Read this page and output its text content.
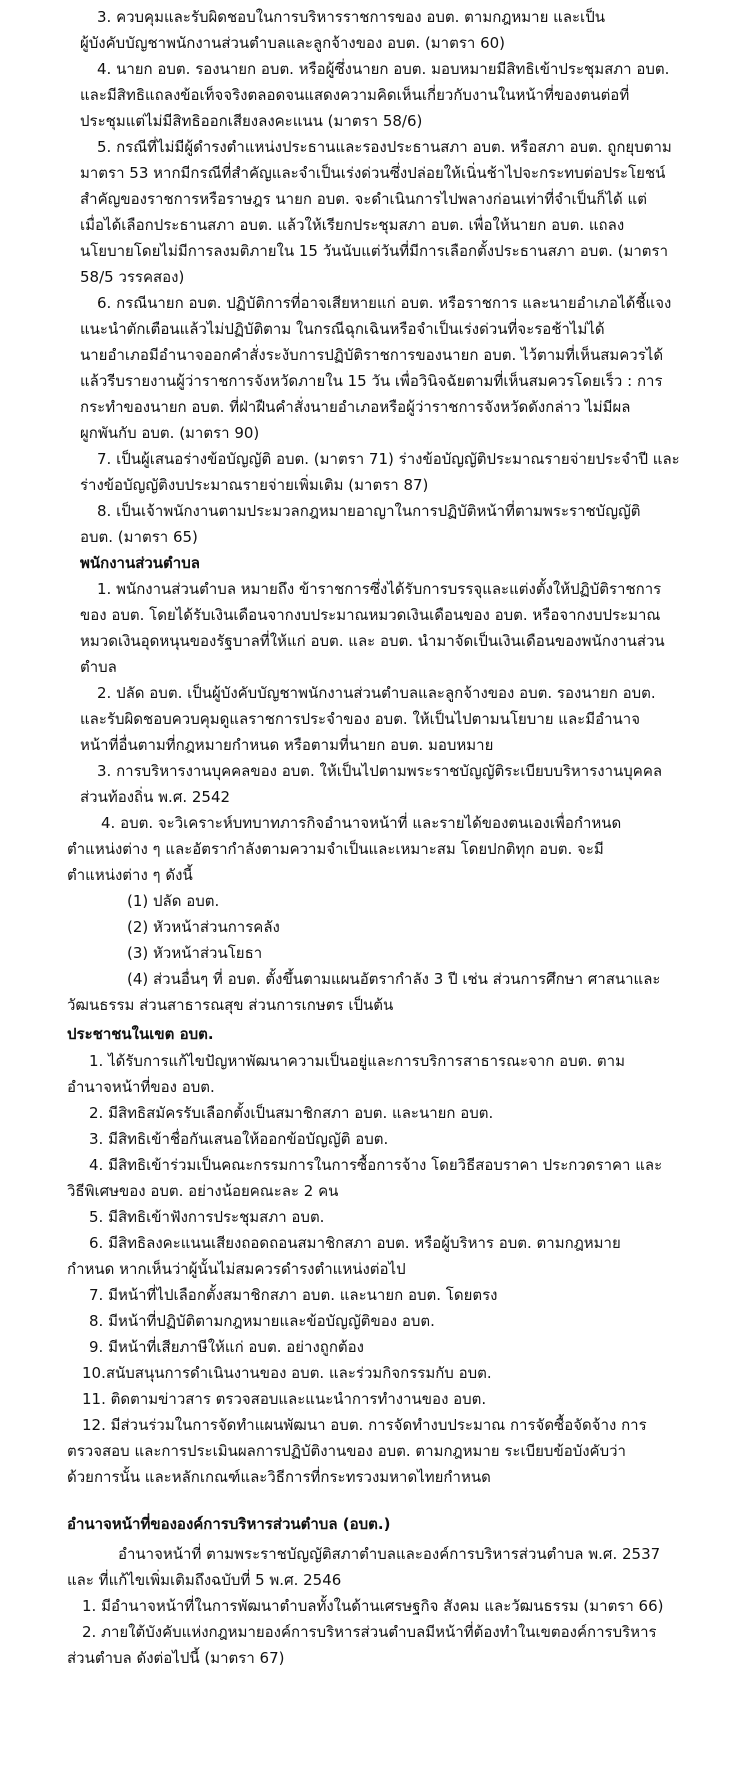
3. ควบคุมและรับผิดชอบในการบริหารราชการของ อบต. ตามกฎหมาย และเป็น
ผู้บังคับบัญชาพนักงานส่วนตำบลและลูกจ้างของ อบต. (มาตรา 60)
4. นายก อบต. รองนายก อบต. หรือผู้ซึ่งนายก อบต. มอบหมายมีสิทธิเข้าประชุมสภา อบต.
และมีสิทธิแถลงข้อเท็จจริงตลอดจนแสดงความคิดเห็นเกี่ยวกับงานในหน้าที่ของตนต่อที่
ประชุมแต่ไม่มีสิทธิออกเสียงลงคะแนน (มาตรา 58/6)
5. กรณีที่ไม่มีผู้ดำรงตำแหน่งประธานและรองประธานสภา อบต. หรือสภา อบต. ถูกยุบตาม
มาตรา 53 หากมีกรณีที่สำคัญและจำเป็นเร่งด่วนซึ่งปล่อยให้เนิ่นช้าไปจะกระทบต่อประโยชน์
สำคัญของราชการหรือราษฎร นายก อบต. จะดำเนินการไปพลางก่อนเท่าที่จำเป็นก็ได้ แต่
เมื่อได้เลือกประธานสภา อบต. แล้วให้เรียกประชุมสภา อบต. เพื่อให้นายก อบต. แถลง
นโยบายโดยไม่มีการลงมติภายใน 15 วันนับแต่วันที่มีการเลือกตั้งประธานสภา อบต. (มาตรา
58/5 วรรคสอง)
6. กรณีนายก อบต. ปฏิบัติการที่อาจเสียหายแก่ อบต. หรือราชการ และนายอำเภอได้ชี้แจง
แนะนำตักเตือนแล้วไม่ปฏิบัติตาม ในกรณีฉุกเฉินหรือจำเป็นเร่งด่วนที่จะรอช้าไม่ได้
นายอำเภอมีอำนาจออกคำสั่งระงับการปฏิบัติราชการของนายก อบต. ไว้ตามที่เห็นสมควรได้
แล้วรีบรายงานผู้ว่าราชการจังหวัดภายใน 15 วัน เพื่อวินิจฉัยตามที่เห็นสมควรโดยเร็ว : การ
กระทำของนายก อบต. ที่ฝ่าฝืนคำสั่งนายอำเภอหรือผู้ว่าราชการจังหวัดดังกล่าว ไม่มีผล
ผูกพันกับ อบต. (มาตรา 90)
7. เป็นผู้เสนอร่างข้อบัญญัติ อบต. (มาตรา 71) ร่างข้อบัญญัติประมาณรายจ่ายประจำปี และ
ร่างข้อบัญญัติงบประมาณรายจ่ายเพิ่มเติม (มาตรา 87)
8. เป็นเจ้าพนักงานตามประมวลกฎหมายอาญาในการปฏิบัติหน้าที่ตามพระราชบัญญัติ
อบต. (มาตรา 65)
พนักงานส่วนตำบล
1. พนักงานส่วนตำบล หมายถึง ข้าราชการซึ่งได้รับการบรรจุและแต่งตั้งให้ปฏิบัติราชการ
ของ อบต. โดยได้รับเงินเดือนจากงบประมาณหมวดเงินเดือนของ อบต. หรือจากงบประมาณ
หมวดเงินอุดหนุนของรัฐบาลที่ให้แก่ อบต. และ อบต. นำมาจัดเป็นเงินเดือนของพนักงานส่วน
ตำบล
2. ปลัด อบต. เป็นผู้บังคับบัญชาพนักงานส่วนตำบลและลูกจ้างของ อบต. รองนายก อบต.
และรับผิดชอบควบคุมดูแลราชการประจำของ อบต. ให้เป็นไปตามนโยบาย และมีอำนาจ
หน้าที่อื่นตามที่กฎหมายกำหนด หรือตามที่นายก อบต. มอบหมาย
3. การบริหารงานบุคคลของ อบต. ให้เป็นไปตามพระราชบัญญัติระเบียบบริหารงานบุคคล
ส่วนท้องถิ่น พ.ศ. 2542
4. อบต. จะวิเคราะห์บทบาทภารกิจอำนาจหน้าที่ และรายได้ของตนเองเพื่อกำหนด
ตำแหน่งต่าง ๆ และอัตรากำลังตามความจำเป็นและเหมาะสม โดยปกติทุก อบต. จะมี
ตำแหน่งต่าง ๆ ดังนี้
(1) ปลัด อบต.
(2) หัวหน้าส่วนการคลัง
(3) หัวหน้าส่วนโยธา
(4) ส่วนอื่นๆ ที่ อบต. ตั้งขึ้นตามแผนอัตรากำลัง 3 ปี เช่น ส่วนการศึกษา ศาสนาและ
วัฒนธรรม ส่วนสาธารณสุข ส่วนการเกษตร เป็นต้น
ประชาชนในเขต อบต.
1. ได้รับการแก้ไขปัญหาพัฒนาความเป็นอยู่และการบริการสาธารณะจาก อบต. ตาม
อำนาจหน้าที่ของ อบต.
2. มีสิทธิสมัครรับเลือกตั้งเป็นสมาชิกสภา อบต. และนายก อบต.
3. มีสิทธิเข้าชื่อกันเสนอให้ออกข้อบัญญัติ อบต.
4. มีสิทธิเข้าร่วมเป็นคณะกรรมการในการซื้อการจ้าง โดยวิธีสอบราคา ประกวดราคา และ
วิธีพิเศษของ อบต. อย่างน้อยคณะละ 2 คน
5. มีสิทธิเข้าฟังการประชุมสภา อบต.
6. มีสิทธิลงคะแนนเสียงถอดถอนสมาชิกสภา อบต. หรือผู้บริหาร อบต. ตามกฎหมาย
กำหนด หากเห็นว่าผู้นั้นไม่สมควรดำรงตำแหน่งต่อไป
7. มีหน้าที่ไปเลือกตั้งสมาชิกสภา อบต. และนายก อบต. โดยตรง
8. มีหน้าที่ปฏิบัติตามกฎหมายและข้อบัญญัติของ อบต.
9. มีหน้าที่เสียภาษีให้แก่ อบต. อย่างถูกต้อง
10.สนับสนุนการดำเนินงานของ อบต. และร่วมกิจกรรมกับ อบต.
11. ติดตามข่าวสาร ตรวจสอบและแนะนำการทำงานของ อบต.
12. มีส่วนร่วมในการจัดทำแผนพัฒนา อบต. การจัดทำงบประมาณ การจัดซื้อจัดจ้าง การ
ตรวจสอบ และการประเมินผลการปฏิบัติงานของ อบต. ตามกฎหมาย ระเบียบข้อบังคับว่า
ด้วยการนั้น และหลักเกณฑ์และวิธีการที่กระทรวงมหาดไทยกำหนด
อำนาจหน้าที่ขององค์การบริหารส่วนตำบล (อบต.)
อำนาจหน้าที่ ตามพระราชบัญญัติสภาตำบลและองค์การบริหารส่วนตำบล พ.ศ. 2537
และ ที่แก้ไขเพิ่มเติมถึงฉบับที่ 5 พ.ศ. 2546
1. มีอำนาจหน้าที่ในการพัฒนาตำบลทั้งในด้านเศรษฐกิจ สังคม และวัฒนธรรม (มาตรา 66)
2. ภายใต้บังคับแห่งกฎหมายองค์การบริหารส่วนตำบลมีหน้าที่ต้องทำในเขตองค์การบริหาร
ส่วนตำบล ดังต่อไปนี้ (มาตรา 67)
